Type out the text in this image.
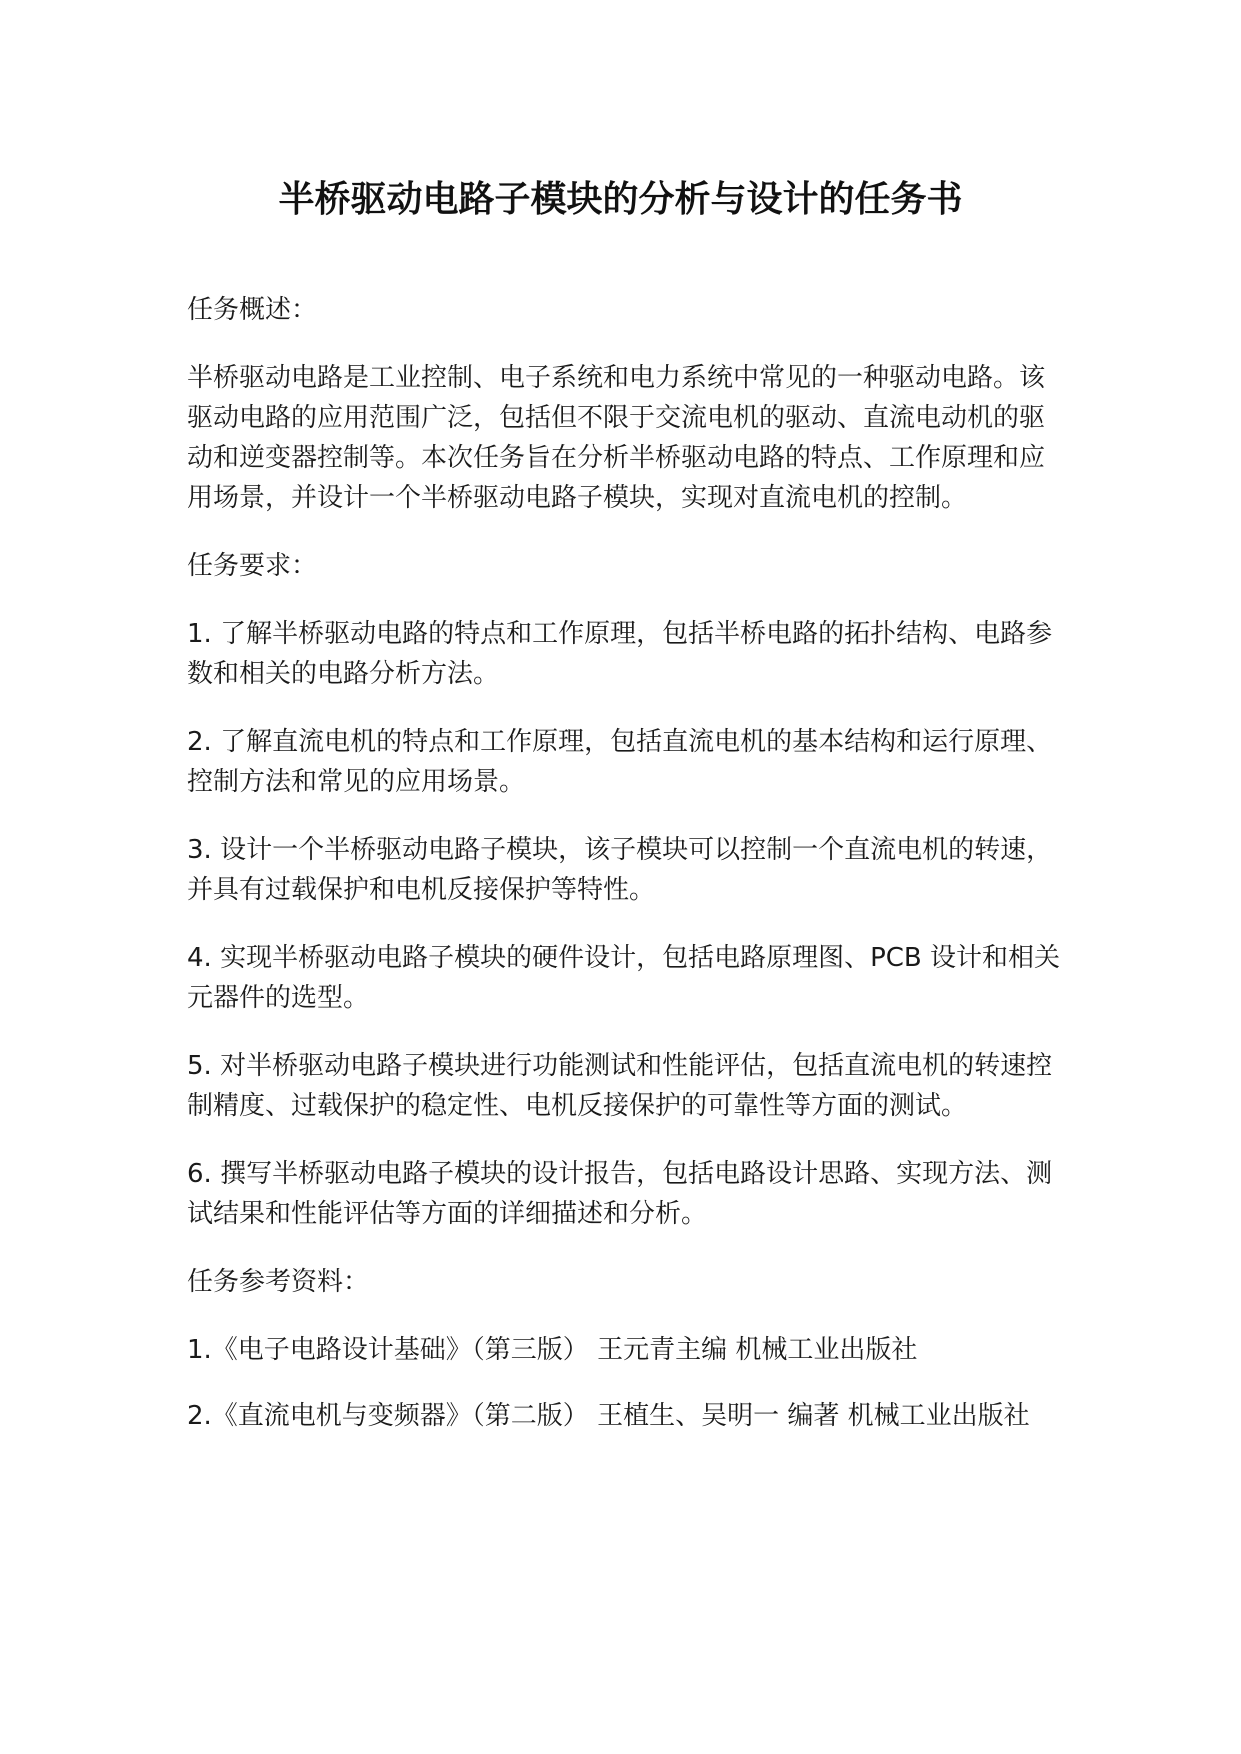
半桥驱动电路子模块的分析与设计的任务书

任务概述：

半桥驱动电路是工业控制、电子系统和电力系统中常见的一种驱动电路。该驱动电路的应用范围广泛，包括但不限于交流电机的驱动、直流电动机的驱动和逆变器控制等。本次任务旨在分析半桥驱动电路的特点、工作原理和应用场景，并设计一个半桥驱动电路子模块，实现对直流电机的控制。

任务要求：

1. 了解半桥驱动电路的特点和工作原理，包括半桥电路的拓扑结构、电路参数和相关的电路分析方法。

2. 了解直流电机的特点和工作原理，包括直流电机的基本结构和运行原理、控制方法和常见的应用场景。

3. 设计一个半桥驱动电路子模块，该子模块可以控制一个直流电机的转速，并具有过载保护和电机反接保护等特性。

4. 实现半桥驱动电路子模块的硬件设计，包括电路原理图、PCB 设计和相关元器件的选型。

5. 对半桥驱动电路子模块进行功能测试和性能评估，包括直流电机的转速控制精度、过载保护的稳定性、电机反接保护的可靠性等方面的测试。

6. 撰写半桥驱动电路子模块的设计报告，包括电路设计思路、实现方法、测试结果和性能评估等方面的详细描述和分析。

任务参考资料：

1.《电子电路设计基础》（第三版） 王元青主编 机械工业出版社

2.《直流电机与变频器》（第二版） 王植生、吴明一 编著 机械工业出版社
